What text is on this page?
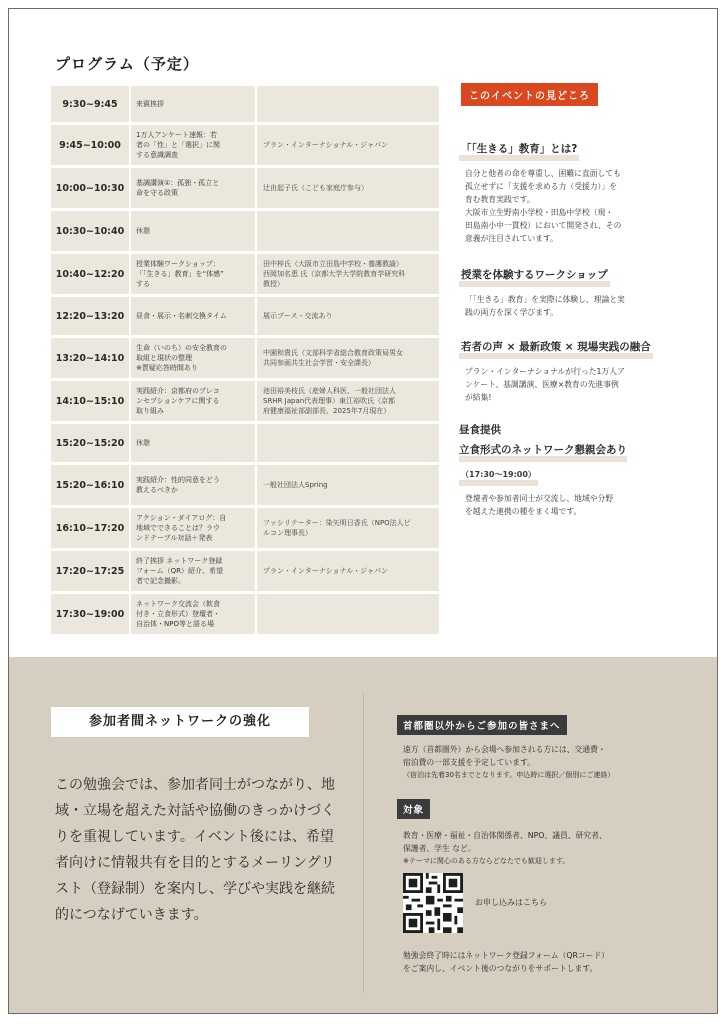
プログラム（予定）
9:30~9:45	来賓挨拶	

9:45~10:00	1万人アンケート速報：若
者の「性」と「選択」に関
する意識調査	プラン・インターナショナル・ジャパン

10:00~10:30	基調講演①：孤独・孤立と
命を守る政策	辻由起子氏（こども家庭庁参与）

10:30~10:40	休憩	

10:40~12:20	授業体験ワークショップ：
「「生きる」教育」を“体感”
する	田中梓氏（大阪市立田島中学校・養護教諭）
西岡加名恵 氏（京都大学大学院教育学研究科
教授）

12:20~13:20	昼食・展示・名刺交換タイム	展示ブース・交流あり

13:20~14:10	生命（いのち）の安全教育の
取組と現状の整理
※質疑応答時間あり	中園和貴氏（文部科学省総合教育政策局男女
共同参画共生社会学習・安全課長）

14:10~15:10	実践紹介：京都府のプレコ
ンセプションケアに関する
取り組み	池田裕美枝氏（産婦人科医、一般社団法人
SRHR Japan代表理事）東江裕吹氏（京都
府健康福祉部副部長、2025年7月現在）

15:20~15:20	休憩	

15:20~16:10	実践紹介：性的同意をどう
教えるべきか	一般社団法人Spring

16:10~17:20	アクション・ダイアログ：自
地域でできることは？ラウ
ンドテーブル対話＋発表	ファシリテーター：染矢明日香氏（NPO法人ピ
ルコン理事長）

17:20~17:25	終了挨拶 ネットワーク登録
フォーム（QR）紹介、希望
者で記念撮影。	プラン・インターナショナル・ジャパン

17:30~19:00	ネットワーク交流会（飲食
付き・立食形式）登壇者・
自治体・NPO等と語る場	

このイベントの見どころ
「「生きる」教育」とは?

自分と他者の命を尊重し、困難に直面しても
孤立せずに「支援を求める力（受援力）」を
育む教育実践です。
大阪市立生野南小学校・田島中学校（現・
田島南小中一貫校）において開発され、その
意義が注目されています。

授業を体験するワークショップ

「「生きる」教育」を実際に体験し、理論と実
践の両方を深く学びます。

若者の声 × 最新政策 × 現場実践の融合

プラン・インターナショナルが行った1万人ア
ンケート、基調講演、医療×教育の先進事例
が結集!

昼食提供
立食形式のネットワーク懇親会あり
（17:30〜19:00）

登壇者や参加者同士が交流し、地域や分野
を越えた連携の種をまく場です。

参加者間ネットワークの強化

この勉強会では、参加者同士がつながり、地域・立場を超えた対話や協働のきっかけづくりを重視しています。イベント後には、希望者向けに情報共有を目的とするメーリングリスト（登録制）を案内し、学びや実践を継続的につなげていきます。

首都圏以外からご参加の皆さまへ

遠方（首都圏外）から会場へ参加される方には、交通費・
宿泊費の一部支援を予定しています。
（宿泊は先着30名までとなります。申込時に選択／個別にご連絡）

対象

教育・医療・福祉・自治体関係者、NPO、議員、研究者、
保護者、学生 など。
※テーマに関心のある方ならどなたでも歓迎します。

お申し込みはこちら

勉強会終了時にはネットワーク登録フォーム（QRコード）
をご案内し、イベント後のつながりをサポートします。
